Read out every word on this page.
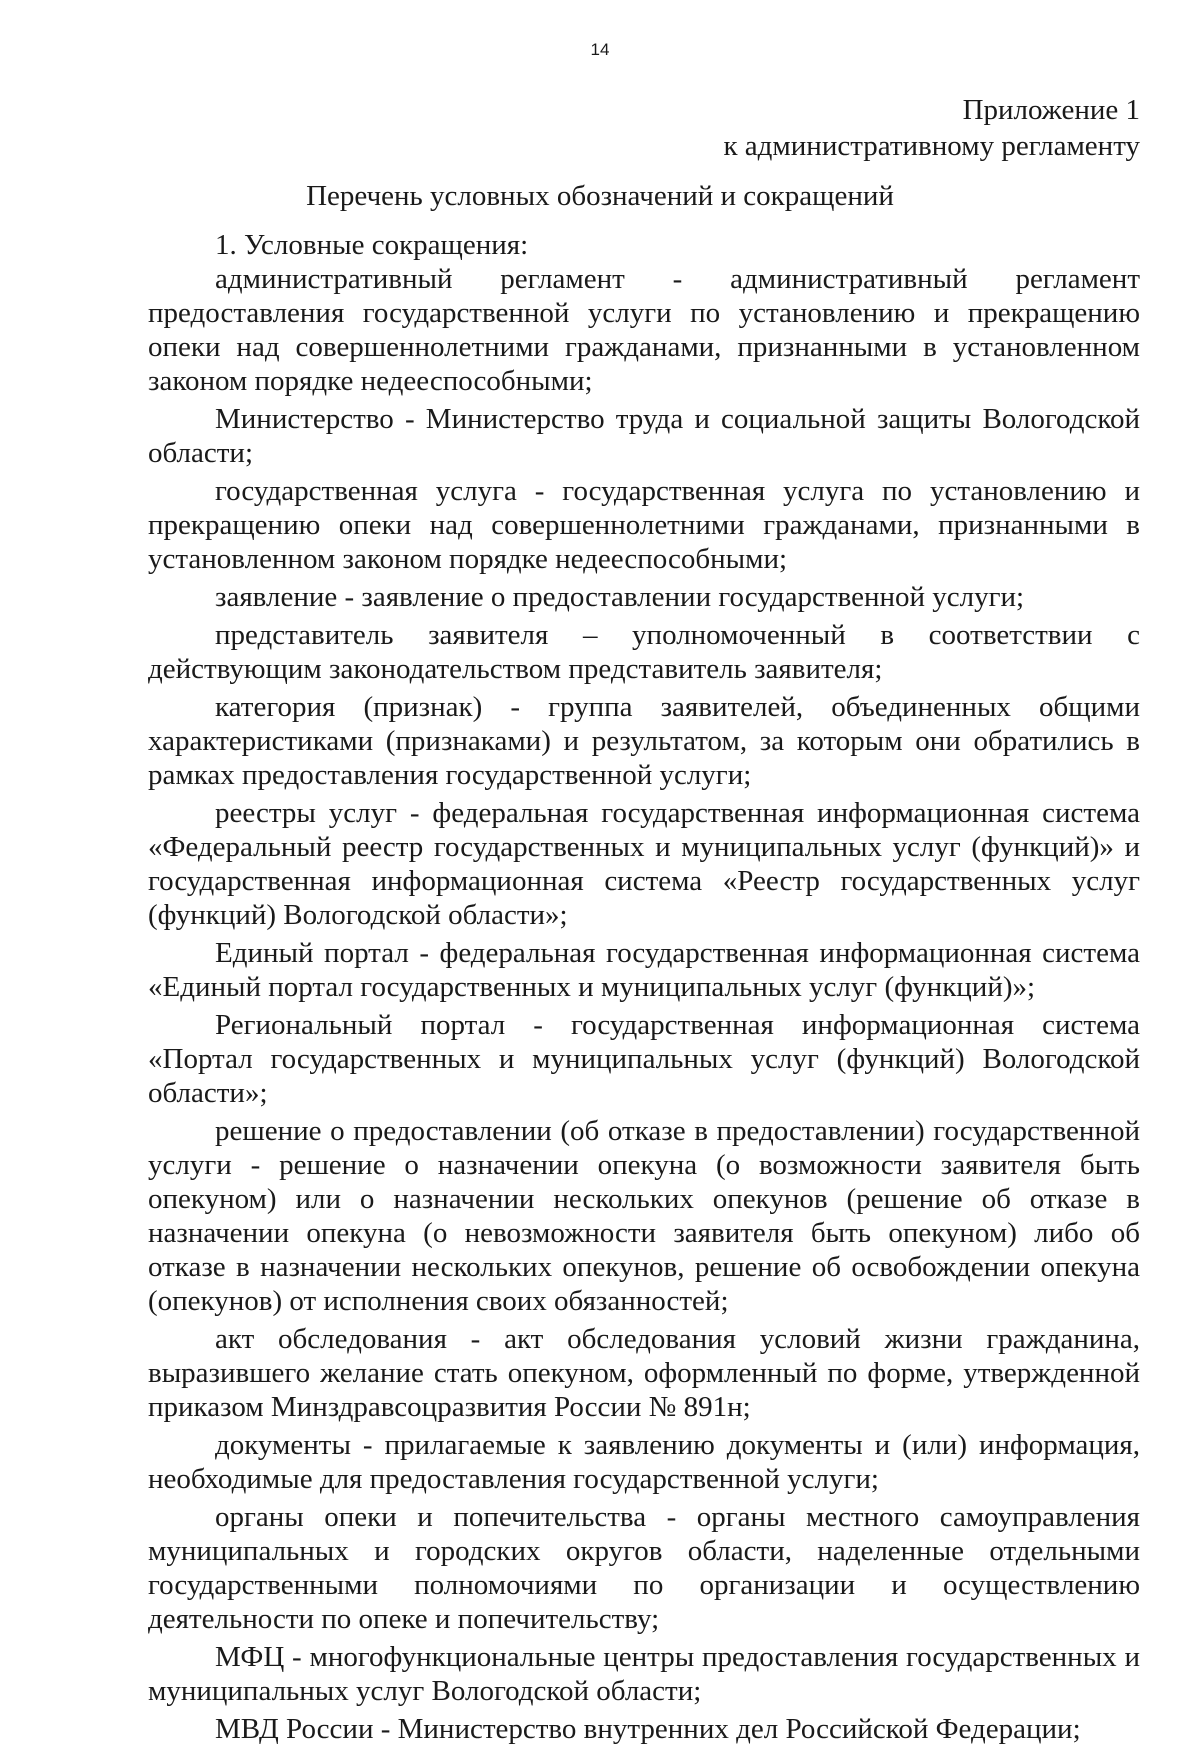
14
Приложение 1
к административному регламенту
Перечень условных обозначений и сокращений
1. Условные сокращения:

административный регламент - административный регламент предоставления государственной услуги по установлению и прекращению опеки над совершеннолетними гражданами, признанными в установленном законом порядке недееспособными;

Министерство - Министерство труда и социальной защиты Вологодской области;

государственная услуга - государственная услуга по установлению и прекращению опеки над совершеннолетними гражданами, признанными в установленном законом порядке недееспособными;

заявление - заявление о предоставлении государственной услуги;

представитель заявителя – уполномоченный в соответствии с действующим законодательством представитель заявителя;

категория (признак) - группа заявителей, объединенных общими характеристиками (признаками) и результатом, за которым они обратились в рамках предоставления государственной услуги;

реестры услуг - федеральная государственная информационная система «Федеральный реестр государственных и муниципальных услуг (функций)» и государственная информационная система «Реестр государственных услуг (функций) Вологодской области»;

Единый портал - федеральная государственная информационная система «Единый портал государственных и муниципальных услуг (функций)»;

Региональный портал - государственная информационная система «Портал государственных и муниципальных услуг (функций) Вологодской области»;

решение о предоставлении (об отказе в предоставлении) государственной услуги - решение о назначении опекуна (о возможности заявителя быть опекуном) или о назначении нескольких опекунов (решение об отказе в назначении опекуна (о невозможности заявителя быть опекуном) либо об отказе в назначении нескольких опекунов, решение об освобождении опекуна (опекунов) от исполнения своих обязанностей;

акт обследования - акт обследования условий жизни гражданина, выразившего желание стать опекуном, оформленный по форме, утвержденной приказом Минздравсоцразвития России № 891н;

документы - прилагаемые к заявлению документы и (или) информация, необходимые для предоставления государственной услуги;

органы опеки и попечительства - органы местного самоуправления муниципальных и городских округов области, наделенные отдельными государственными полномочиями по организации и осуществлению деятельности по опеке и попечительству;

МФЦ - многофункциональные центры предоставления государственных и муниципальных услуг Вологодской области;

МВД России - Министерство внутренних дел Российской Федерации;
